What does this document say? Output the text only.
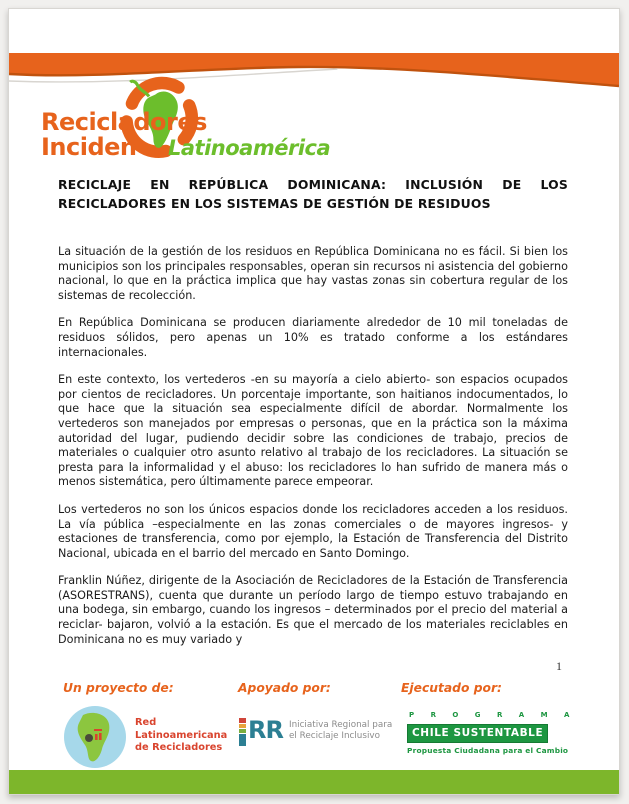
Recicladores
Inciden en Latinoamérica
RECICLAJE EN REPÚBLICA DOMINICANA: INCLUSIÓN DE LOS RECICLADORES EN LOS SISTEMAS DE GESTIÓN DE RESIDUOS

La situación de la gestión de los residuos en República Dominicana no es fácil. Si bien los municipios son los principales responsables, operan sin recursos ni asistencia del gobierno nacional, lo que en la práctica implica que hay vastas zonas sin cobertura regular de los sistemas de recolección.

En República Dominicana se producen diariamente alrededor de 10 mil toneladas de residuos sólidos, pero apenas un 10% es tratado conforme a los estándares internacionales.

En este contexto, los vertederos -en su mayoría a cielo abierto- son espacios ocupados por cientos de recicladores. Un porcentaje importante, son haitianos indocumentados, lo que hace que la situación sea especialmente difícil de abordar. Normalmente los vertederos son manejados por empresas o personas, que en la práctica son la máxima autoridad del lugar, pudiendo decidir sobre las condiciones de trabajo, precios de materiales o cualquier otro asunto relativo al trabajo de los recicladores. La situación se presta para la informalidad y el abuso: los recicladores lo han sufrido de manera más o menos sistemática, pero últimamente parece empeorar.

Los vertederos no son los únicos espacios donde los recicladores acceden a los residuos. La vía pública –especialmente en las zonas comerciales o de mayores ingresos- y estaciones de transferencia, como por ejemplo, la Estación de Transferencia del Distrito Nacional, ubicada en el barrio del mercado en Santo Domingo.

Franklin Núñez, dirigente de la Asociación de Recicladores de la Estación de Transferencia (ASORESTRANS), cuenta que durante un período largo de tiempo estuvo trabajando en una bodega, sin embargo, cuando los ingresos – determinados por el precio del material a reciclar- bajaron, volvió a la estación. Es que el mercado de los materiales reciclables en Dominicana no es muy variado y

1
Un proyecto de:	Apoyado por:	Ejecutado por:
Red
Latinoamericana
de Recicladores
RR Iniciativa Regional para
el Reciclaje Inclusivo
P R O G R A M A
CHILE SUSTENTABLE
Propuesta Ciudadana para el Cambio
